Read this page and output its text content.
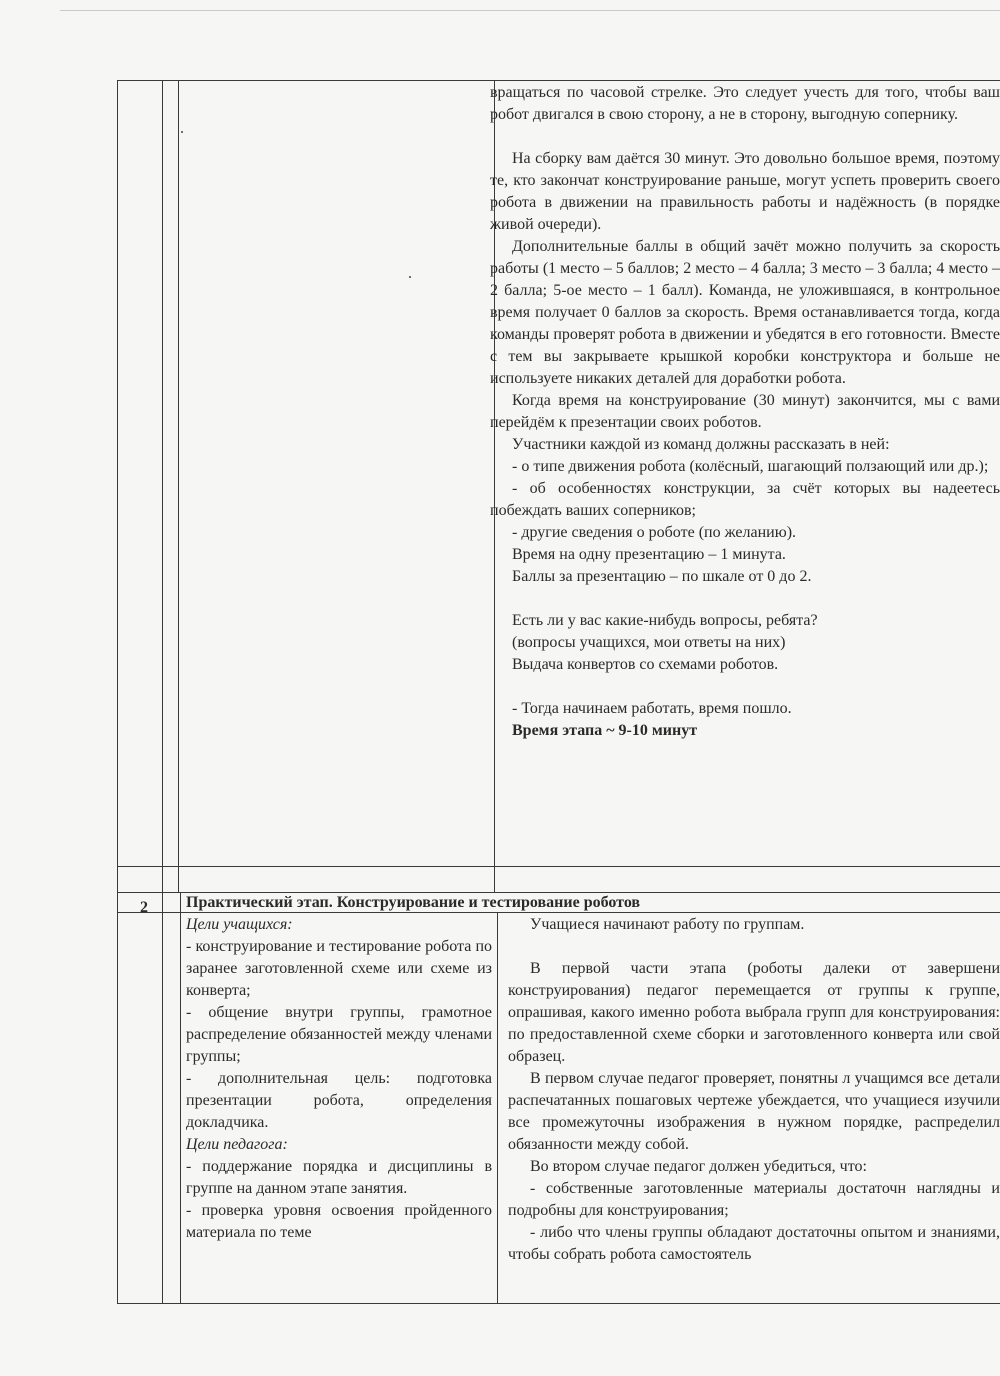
вращаться по часовой стрелке. Это следует учесть для того, чтобы ваш робот двигался в свою сторону, а не в сторону, выгодную сопернику.

На сборку вам даётся 30 минут. Это довольно большое время, поэтому те, кто закончат конструирование раньше, могут успеть проверить своего робота в движении на правильность работы и надёжность (в порядке живой очереди).

Дополнительные баллы в общий зачёт можно получить за скорость работы (1 место – 5 баллов; 2 место – 4 балла; 3 место – 3 балла; 4 место – 2 балла; 5-ое место – 1 балл). Команда, не уложившаяся, в контрольное время получает 0 баллов за скорость. Время останавливается тогда, когда команды проверят робота в движении и убедятся в его готовности. Вместе с тем вы закрываете крышкой коробки конструктора и больше не используете никаких деталей для доработки робота.

Когда время на конструирование (30 минут) закончится, мы с вами перейдём к презентации своих роботов.

Участники каждой из команд должны рассказать в ней:

- о типе движения робота (колёсный, шагающий ползающий или др.);

- об особенностях конструкции, за счёт которых вы надеетесь побеждать ваших соперников;

- другие сведения о роботе (по желанию).

Время на одну презентацию – 1 минута.

Баллы за презентацию – по шкале от 0 до 2.

Есть ли у вас какие-нибудь вопросы, ребята?

(вопросы учащихся, мои ответы на них)

Выдача конвертов со схемами роботов.

- Тогда начинаем работать, время пошло.

Время этапа ~ 9-10 минут

2 Практический этап. Конструирование и тестирование роботов

Цели учащихся:

- конструирование и тестирование робота по заранее заготовленной схеме или схеме из конверта;

- общение внутри группы, грамотное распределение обязанностей между членами группы;

- дополнительная цель: подготовка презентации робота, определения докладчика.

Цели педагога:

- поддержание порядка и дисциплины в группе на данном этапе занятия.

- проверка уровня освоения пройденного материала по теме

Учащиеся начинают работу по группам.

В первой части этапа (роботы далеки от завершени конструирования) педагог перемещается от группы к группе, опрашивая, какого именно робота выбрала групп для конструирования: по предоставленной схеме сборки и заготовленного конверта или свой образец.

В первом случае педагог проверяет, понятны л учащимся все детали распечатанных пошаговых чертеже убеждается, что учащиеся изучили все промежуточны изображения в нужном порядке, распределил обязанности между собой.

Во втором случае педагог должен убедиться, что:

- собственные заготовленные материалы достаточн наглядны и подробны для конструирования;

- либо что члены группы обладают достаточны опытом и знаниями, чтобы собрать робота самостоятель
